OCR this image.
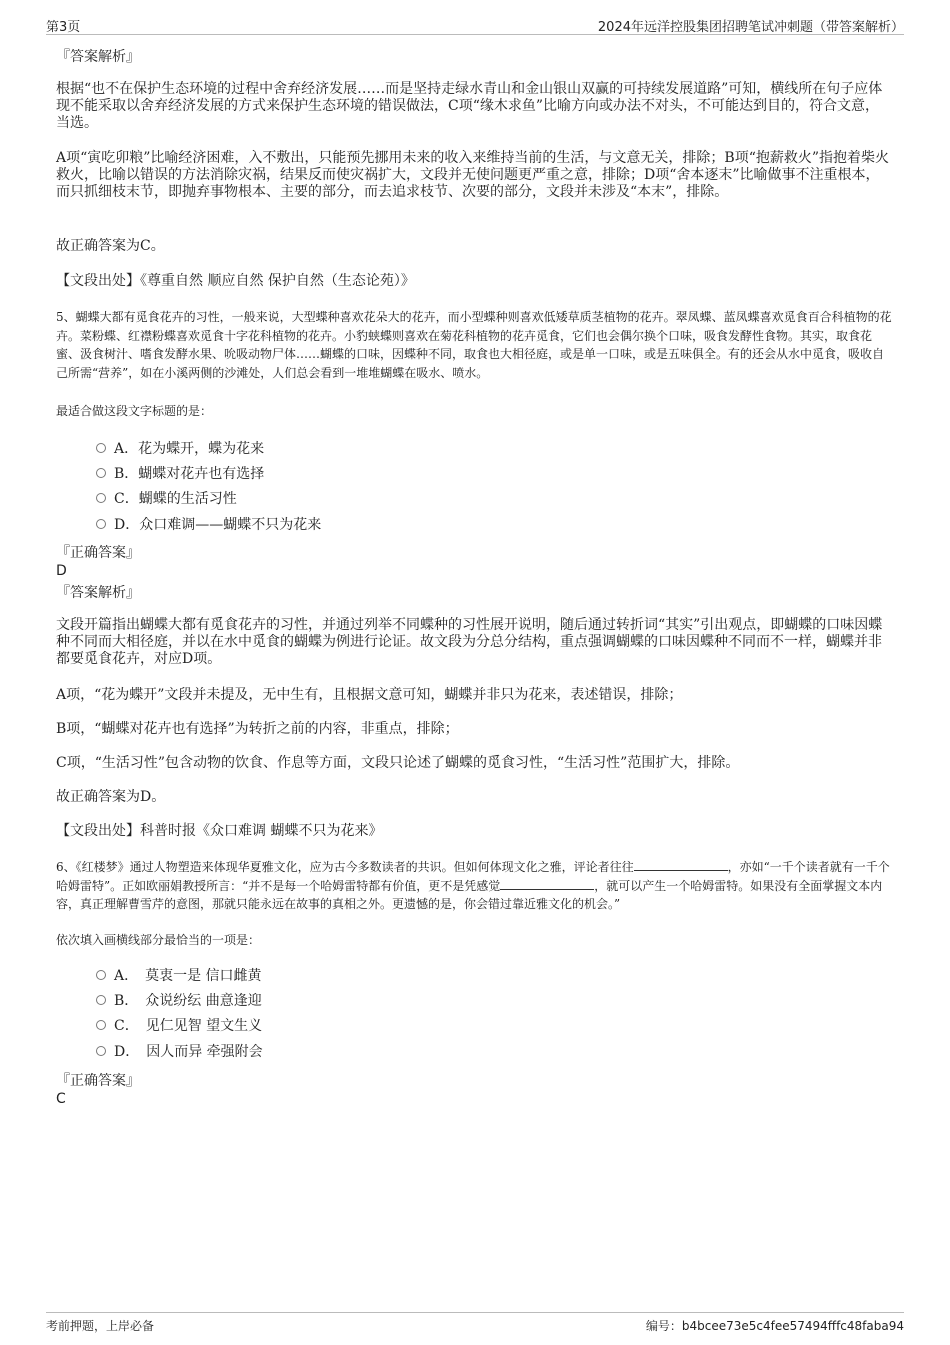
第3页	2024年远洋控股集团招聘笔试冲刺题（带答案解析）
『答案解析』
根据“也不在保护生态环境的过程中舍弃经济发展……而是坚持走绿水青山和金山银山双赢的可持续发展道路”可知，横线所在句子应体现不能采取以舍弃经济发展的方式来保护生态环境的错误做法，C项“缘木求鱼”比喻方向或办法不对头，不可能达到目的，符合文意，当选。
A项“寅吃卯粮”比喻经济困难，入不敷出，只能预先挪用未来的收入来维持当前的生活，与文意无关，排除；B项“抱薪救火”指抱着柴火救火，比喻以错误的方法消除灾祸，结果反而使灾祸扩大，文段并无使问题更严重之意，排除；D项“舍本逐末”比喻做事不注重根本，而只抓细枝末节，即抛弃事物根本、主要的部分，而去追求枝节、次要的部分，文段并未涉及“本末”，排除。
故正确答案为C。
【文段出处】《尊重自然 顺应自然 保护自然（生态论苑）》
5、蝴蝶大都有觅食花卉的习性，一般来说，大型蝶种喜欢花朵大的花卉，而小型蝶种则喜欢低矮草质茎植物的花卉。翠凤蝶、蓝凤蝶喜欢觅食百合科植物的花卉。菜粉蝶、红襟粉蝶喜欢觅食十字花科植物的花卉。小豹蛱蝶则喜欢在菊花科植物的花卉觅食，它们也会偶尔换个口味，吸食发酵性食物。其实，取食花蜜、汲食树汁、嗜食发酵水果、吮吸动物尸体……蝴蝶的口味，因蝶种不同，取食也大相径庭，或是单一口味，或是五味俱全。有的还会从水中觅食，吸收自己所需“营养”，如在小溪两侧的沙滩处，人们总会看到一堆堆蝴蝶在吸水、喷水。
最适合做这段文字标题的是：
A．花为蝶开，蝶为花来
B．蝴蝶对花卉也有选择
C．蝴蝶的生活习性
D．众口难调——蝴蝶不只为花来
『正确答案』
D
『答案解析』
文段开篇指出蝴蝶大都有觅食花卉的习性，并通过列举不同蝶种的习性展开说明，随后通过转折词“其实”引出观点，即蝴蝶的口味因蝶种不同而大相径庭，并以在水中觅食的蝴蝶为例进行论证。故文段为分总分结构，重点强调蝴蝶的口味因蝶种不同而不一样，蝴蝶并非都要觅食花卉，对应D项。
A项，“花为蝶开”文段并未提及，无中生有，且根据文意可知，蝴蝶并非只为花来，表述错误，排除；
B项，“蝴蝶对花卉也有选择”为转折之前的内容，非重点，排除；
C项，“生活习性”包含动物的饮食、作息等方面，文段只论述了蝴蝶的觅食习性，“生活习性”范围扩大，排除。
故正确答案为D。
【文段出处】科普时报《众口难调 蝴蝶不只为花来》
6、《红楼梦》通过人物塑造来体现华夏雅文化，应为古今多数读者的共识。但如何体现文化之雅，评论者往往	，亦如“一千个读者就有一千个哈姆雷特”。正如欧丽娟教授所言：“并不是每一个哈姆雷特都有价值，更不是凭感觉	，就可以产生一个哈姆雷特。如果没有全面掌握文本内容，真正理解曹雪芹的意图，那就只能永远在故事的真相之外。更遗憾的是，你会错过靠近雅文化的机会。”
依次填入画横线部分最恰当的一项是：
A．　莫衷一是 信口雌黄
B．　众说纷纭 曲意逢迎
C．　见仁见智 望文生义
D．　因人而异 牵强附会
『正确答案』
C
考前押题，上岸必备	编号：b4bcee73e5c4fee57494fffc48faba94
